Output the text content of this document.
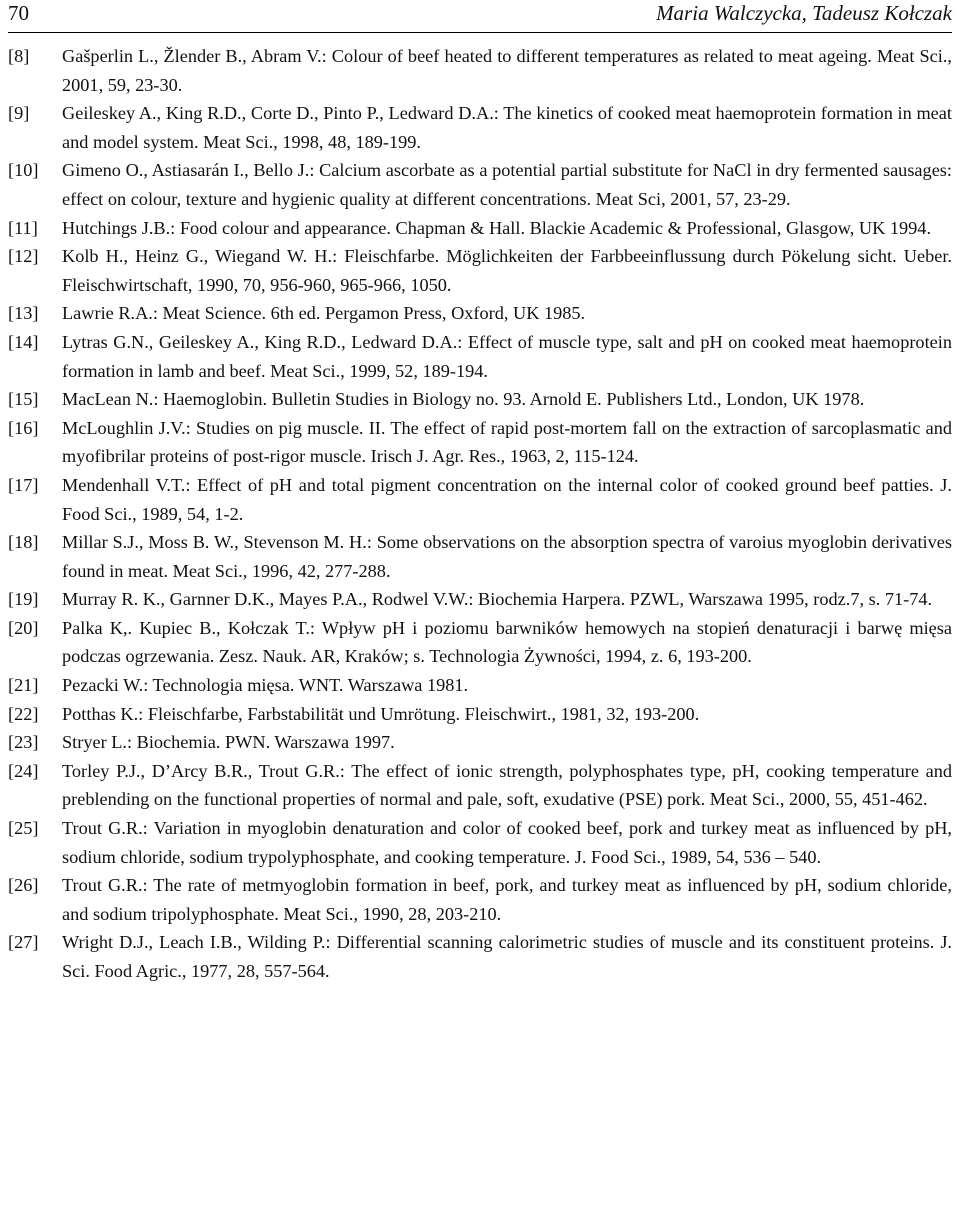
70	Maria Walczycka, Tadeusz Kołczak
[8] Gašperlin L., Žlender B., Abram V.: Colour of beef heated to different temperatures as related to meat ageing. Meat Sci., 2001, 59, 23-30.
[9] Geileskey A., King R.D., Corte D., Pinto P., Ledward D.A.: The kinetics of cooked meat haemoprotein formation in meat and model system. Meat Sci., 1998, 48, 189-199.
[10] Gimeno O., Astiasarán I., Bello J.: Calcium ascorbate as a potential partial substitute for NaCl in dry fermented sausages: effect on colour, texture and hygienic quality at different concentrations. Meat Sci, 2001, 57, 23-29.
[11] Hutchings J.B.: Food colour and appearance. Chapman & Hall. Blackie Academic & Professional, Glasgow, UK 1994.
[12] Kolb H., Heinz G., Wiegand W. H.: Fleischfarbe. Möglichkeiten der Farbbeeinflussung durch Pökelung sicht. Ueber. Fleischwirtschaft, 1990, 70, 956-960, 965-966, 1050.
[13] Lawrie R.A.: Meat Science. 6th ed. Pergamon Press, Oxford, UK 1985.
[14] Lytras G.N., Geileskey A., King R.D., Ledward D.A.: Effect of muscle type, salt and pH on cooked meat haemoprotein formation in lamb and beef. Meat Sci., 1999, 52, 189-194.
[15] MacLean N.: Haemoglobin. Bulletin Studies in Biology no. 93. Arnold E. Publishers Ltd., London, UK 1978.
[16] McLoughlin J.V.: Studies on pig muscle. II. The effect of rapid post-mortem fall on the extraction of sarcoplasmatic and myofibrilar proteins of post-rigor muscle. Irisch J. Agr. Res., 1963, 2, 115-124.
[17] Mendenhall V.T.: Effect of pH and total pigment concentration on the internal color of cooked ground beef patties. J. Food Sci., 1989, 54, 1-2.
[18] Millar S.J., Moss B. W., Stevenson M. H.: Some observations on the absorption spectra of varoius myoglobin derivatives found in meat. Meat Sci., 1996, 42, 277-288.
[19] Murray R. K., Garnner D.K., Mayes P.A., Rodwel V.W.: Biochemia Harpera. PZWL, Warszawa 1995, rodz.7, s. 71-74.
[20] Palka K,. Kupiec B., Kołczak T.: Wpływ pH i poziomu barwników hemowych na stopień denaturacji i barwę mięsa podczas ogrzewania. Zesz. Nauk. AR, Kraków; s. Technologia Żywności, 1994, z. 6, 193-200.
[21] Pezacki W.: Technologia mięsa. WNT. Warszawa 1981.
[22] Potthas K.: Fleischfarbe, Farbstabilität und Umrötung. Fleischwirt., 1981, 32, 193-200.
[23] Stryer L.: Biochemia. PWN. Warszawa 1997.
[24] Torley P.J., D’Arcy B.R., Trout G.R.: The effect of ionic strength, polyphosphates type, pH, cooking temperature and preblending on the functional properties of normal and pale, soft, exudative (PSE) pork. Meat Sci., 2000, 55, 451-462.
[25] Trout G.R.: Variation in myoglobin denaturation and color of cooked beef, pork and turkey meat as influenced by pH, sodium chloride, sodium trypolyphosphate, and cooking temperature. J. Food Sci., 1989, 54, 536 – 540.
[26] Trout G.R.: The rate of metmyoglobin formation in beef, pork, and turkey meat as influenced by pH, sodium chloride, and sodium tripolyphosphate. Meat Sci., 1990, 28, 203-210.
[27] Wright D.J., Leach I.B., Wilding P.: Differential scanning calorimetric studies of muscle and its constituent proteins. J. Sci. Food Agric., 1977, 28, 557-564.
